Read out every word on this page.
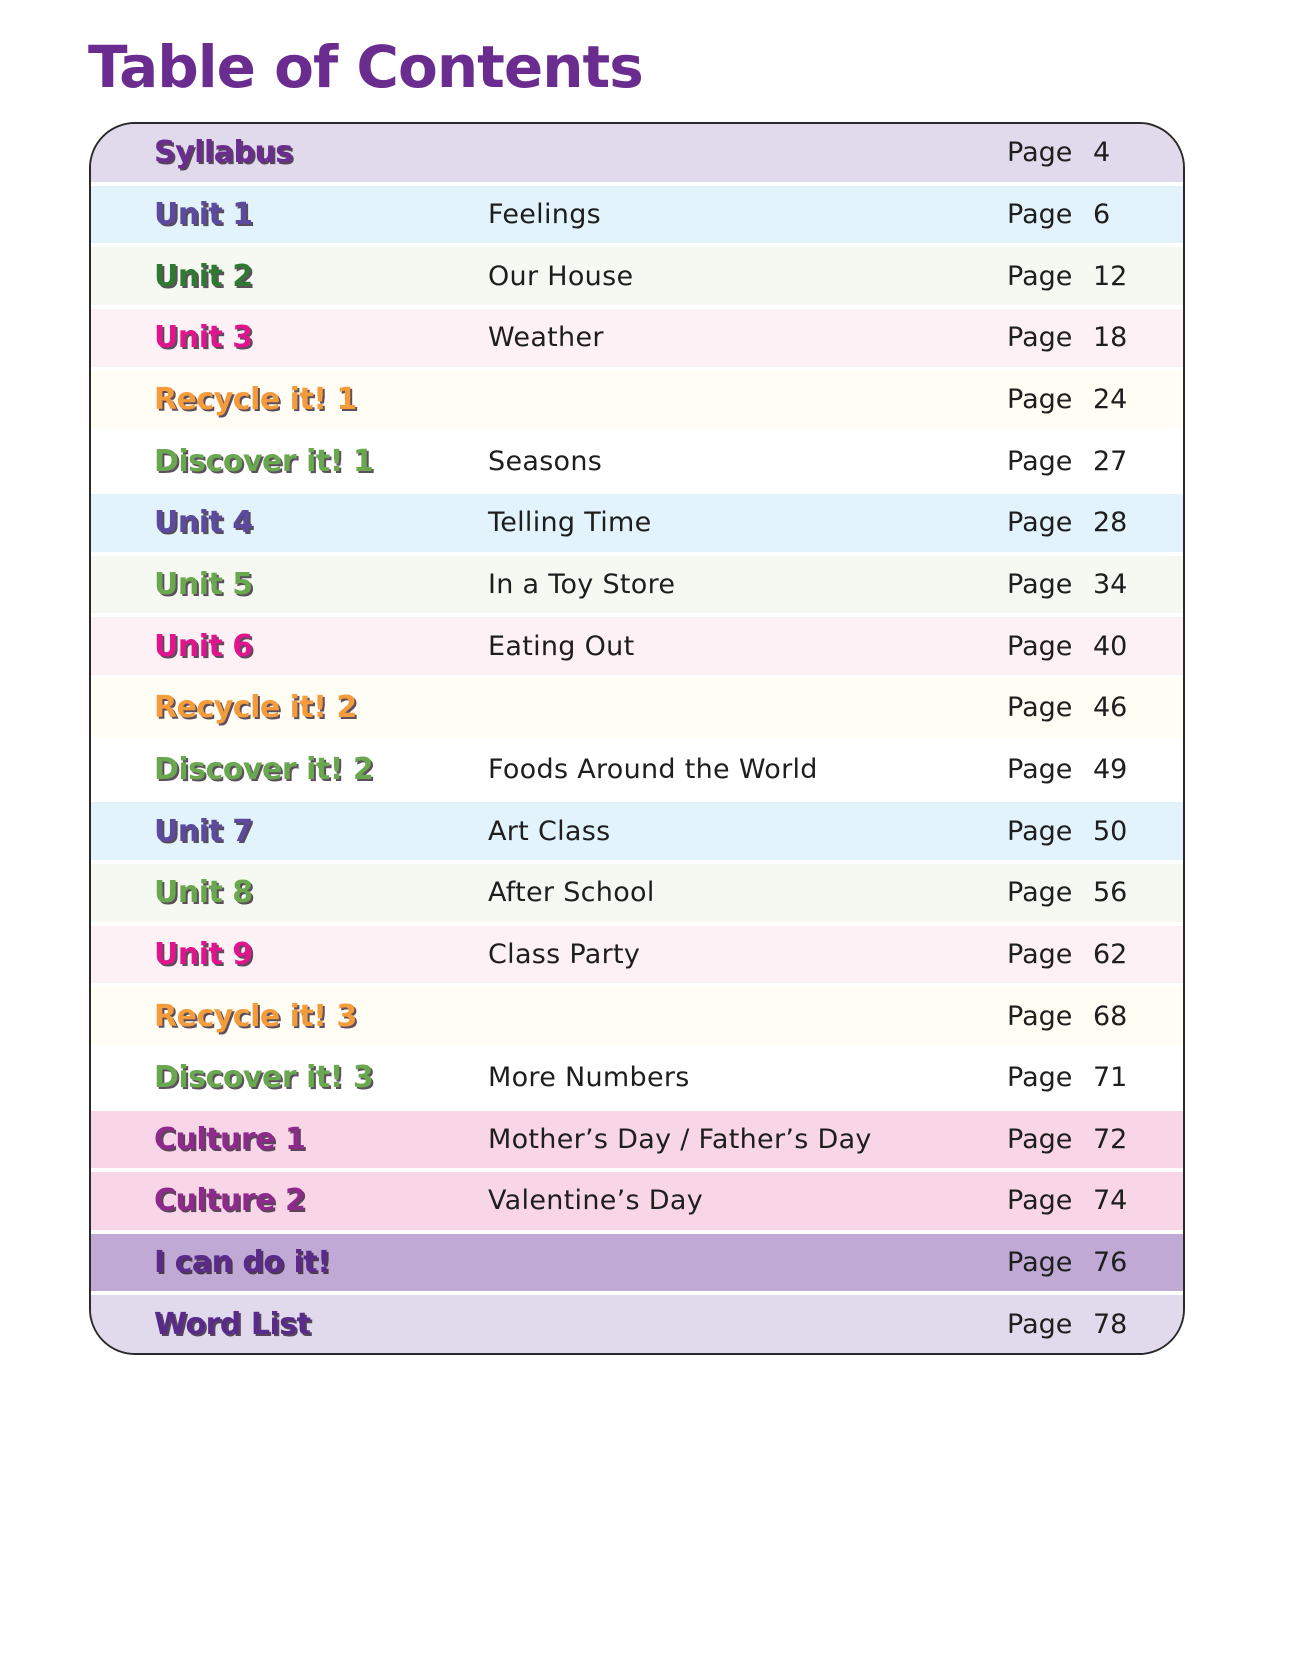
Table of Contents
Syllabus	Page 4
Unit 1	Feelings	Page 6
Unit 2	Our House	Page 12
Unit 3	Weather	Page 18
Recycle it! 1	Page 24
Discover it! 1	Seasons	Page 27
Unit 4	Telling Time	Page 28
Unit 5	In a Toy Store	Page 34
Unit 6	Eating Out	Page 40
Recycle it! 2	Page 46
Discover it! 2	Foods Around the World	Page 49
Unit 7	Art Class	Page 50
Unit 8	After School	Page 56
Unit 9	Class Party	Page 62
Recycle it! 3	Page 68
Discover it! 3	More Numbers	Page 71
Culture 1	Mother’s Day / Father’s Day	Page 72
Culture 2	Valentine’s Day	Page 74
I can do it!	Page 76
Word List	Page 78
